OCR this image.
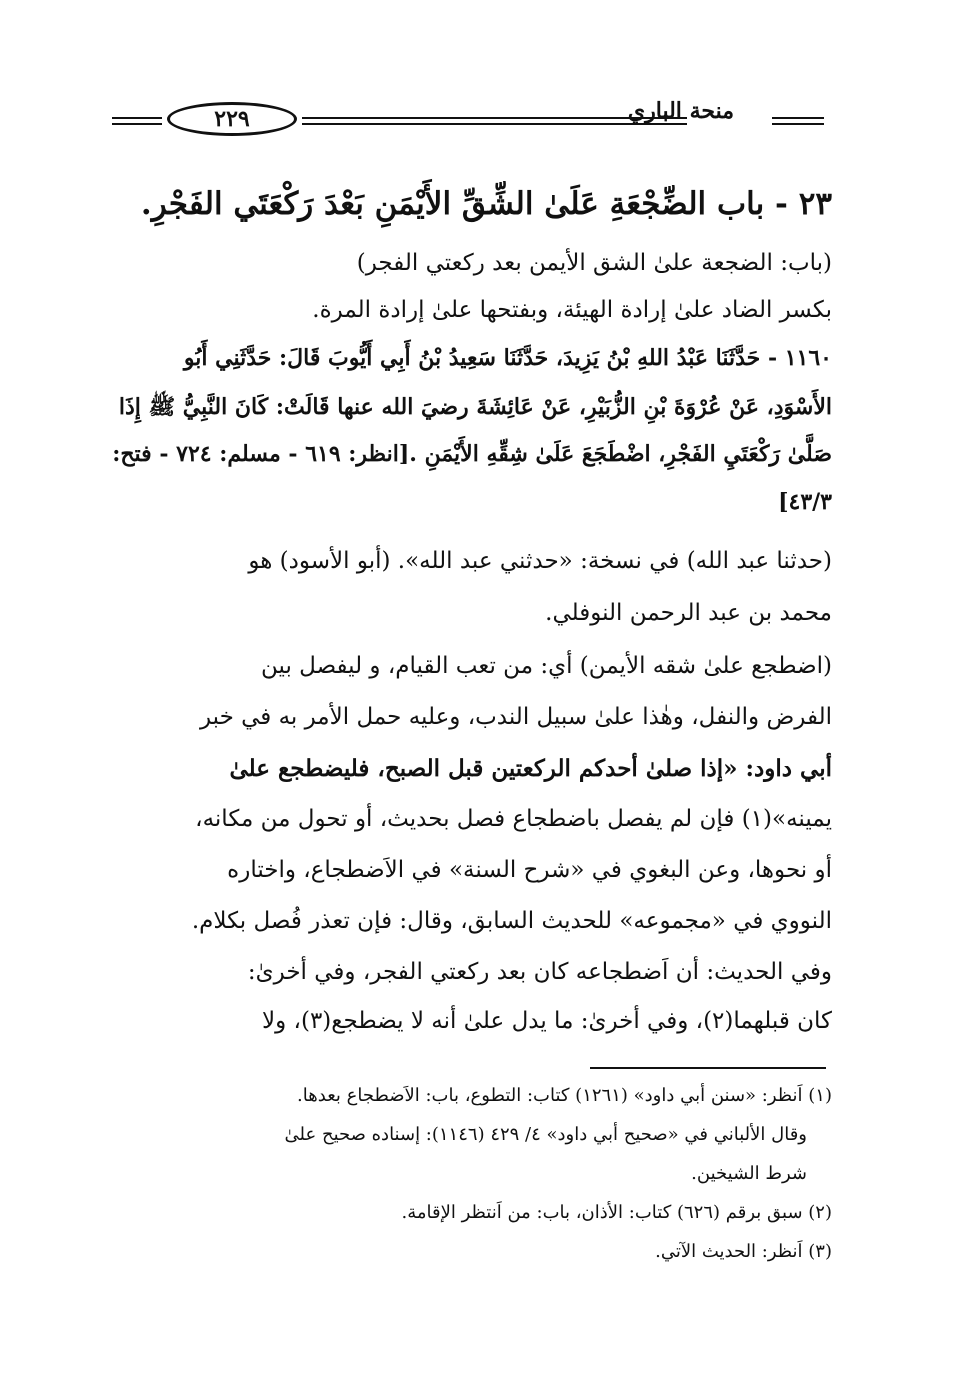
٢٢٩	منحة الباري
٢٣ - باب الضِّجْعَةِ عَلَىٰ الشِّقِّ الأَيْمَنِ بَعْدَ رَكْعَتَي الفَجْرِ.
(باب: الضجعة علىٰ الشق الأيمن بعد ركعتي الفجر)
بكسر الضاد علىٰ إرادة الهيئة، وبفتحها علىٰ إرادة المرة.
١١٦٠ - حَدَّثَنَا عَبْدُ اللهِ بْنُ يَزِيدَ، حَدَّثَنَا سَعِيدُ بْنُ أَبِي أَيُّوبَ قَالَ: حَدَّثَنِي أَبُو
الأَسْوَدِ، عَنْ عُرْوَةَ بْنِ الزُّبَيْرِ، عَنْ عَائِشَةَ رضيَ الله عنها قَالَتْ: كَانَ النَّبِيُّ ﷺ إِذَا
صَلَّىٰ رَكْعَتَيِ الفَجْرِ، اضْطَجَعَ عَلَىٰ شِقِّهِ الأَيْمَنِ .[انظر: ٦١٩ - مسلم: ٧٢٤ - فتح:
٤٣/٣]
(حدثنا عبد الله) في نسخة: «حدثني عبد الله». (أبو الأسود) هو
محمد بن عبد الرحمن النوفلي.
(اضطجع علىٰ شقه الأيمن) أي: من تعب القيام، و ليفصل بين
الفرض والنفل، وهٰذا علىٰ سبيل الندب، وعليه حمل الأمر به في خبر
أبي داود: «إذا صلىٰ أحدكم الركعتين قبل الصبح، فليضطجع علىٰ
يمينه»(١) فإن لم يفصل باضطجاع فصل بحديث، أو تحول من مكانه،
أو نحوها، وعن البغوي في «شرح السنة» في الاَضطجاع، واختاره
النووي في «مجموعه» للحديث السابق، وقال: فإن تعذر فُصل بكلام.
وفي الحديث: أن اَضطجاعه كان بعد ركعتي الفجر، وفي أخرىٰ:
كان قبلهما(٢)، وفي أخرىٰ: ما يدل علىٰ أنه لا يضطجع(٣)، ولا
(١) اَنظر: «سنن أبي داود» (١٢٦١) كتاب: التطوع، باب: الاَضطجاع بعدها.
وقال الألباني في «صحيح أبي داود» ٤/ ٤٢٩ (١١٤٦): إسناده صحيح علىٰ
شرط الشيخين.
(٢) سبق برقم (٦٢٦) كتاب: الأذان، باب: من اَنتظر الإقامة.
(٣) اَنظر: الحديث الآتي.
